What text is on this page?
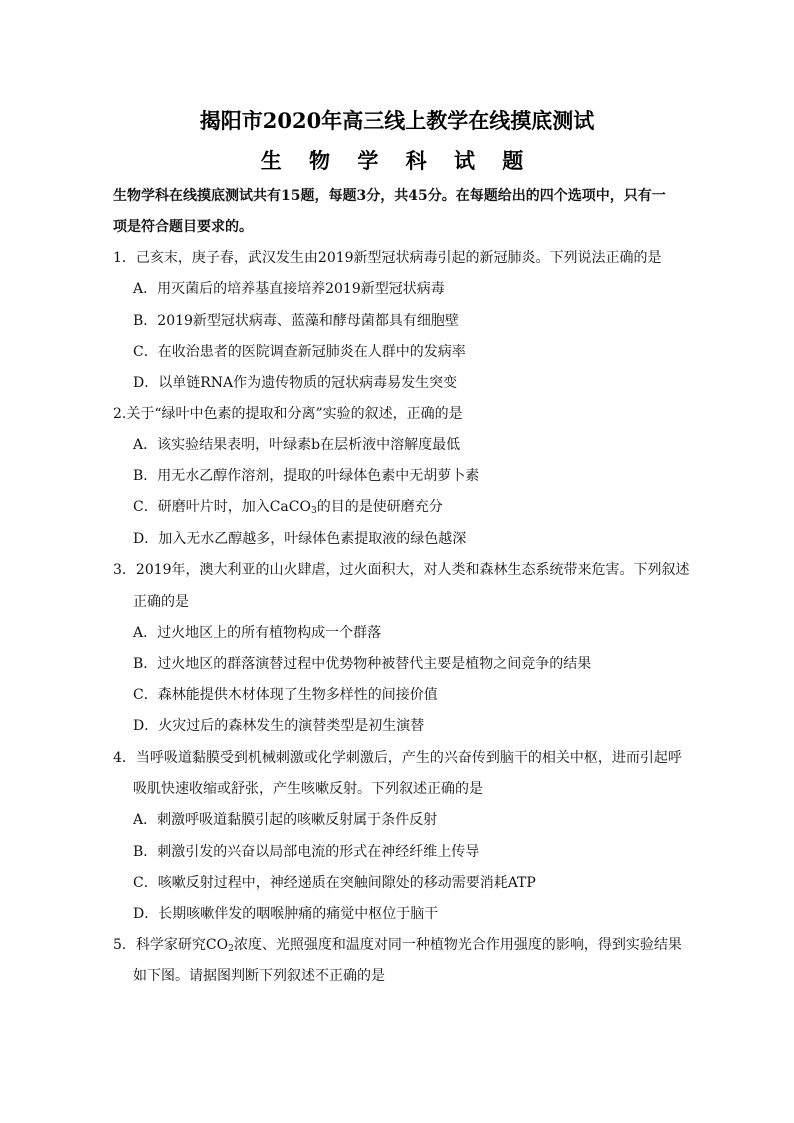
揭阳市2020年高三线上教学在线摸底测试
生 物 学 科 试 题
生物学科在线摸底测试共有15题，每题3分，共45分。在每题给出的四个选项中，只有一
项是符合题目要求的。
1．己亥末，庚子春，武汉发生由2019新型冠状病毒引起的新冠肺炎。下列说法正确的是
A．用灭菌后的培养基直接培养2019新型冠状病毒
B．2019新型冠状病毒、蓝藻和酵母菌都具有细胞壁
C．在收治患者的医院调查新冠肺炎在人群中的发病率
D．以单链RNA作为遗传物质的冠状病毒易发生突变
2.关于“绿叶中色素的提取和分离”实验的叙述，正确的是
A．该实验结果表明，叶绿素b在层析液中溶解度最低
B．用无水乙醇作溶剂，提取的叶绿体色素中无胡萝卜素
C．研磨叶片时，加入CaCO$_3$的目的是使研磨充分
D．加入无水乙醇越多，叶绿体色素提取液的绿色越深
3．2019年，澳大利亚的山火肆虐，过火面积大，对人类和森林生态系统带来危害。下列叙述
正确的是
A．过火地区上的所有植物构成一个群落
B．过火地区的群落演替过程中优势物种被替代主要是植物之间竞争的结果
C．森林能提供木材体现了生物多样性的间接价值
D．火灾过后的森林发生的演替类型是初生演替
4．当呼吸道黏膜受到机械刺激或化学刺激后，产生的兴奋传到脑干的相关中枢，进而引起呼
吸肌快速收缩或舒张，产生咳嗽反射。下列叙述正确的是
A．刺激呼吸道黏膜引起的咳嗽反射属于条件反射
B．刺激引发的兴奋以局部电流的形式在神经纤维上传导
C．咳嗽反射过程中，神经递质在突触间隙处的移动需要消耗ATP
D．长期咳嗽伴发的咽喉肿痛的痛觉中枢位于脑干
5．科学家研究$CO_2$浓度、光照强度和温度对同一种植物光合作用强度的影响，得到实验结果
如下图。请据图判断下列叙述不正确的是
